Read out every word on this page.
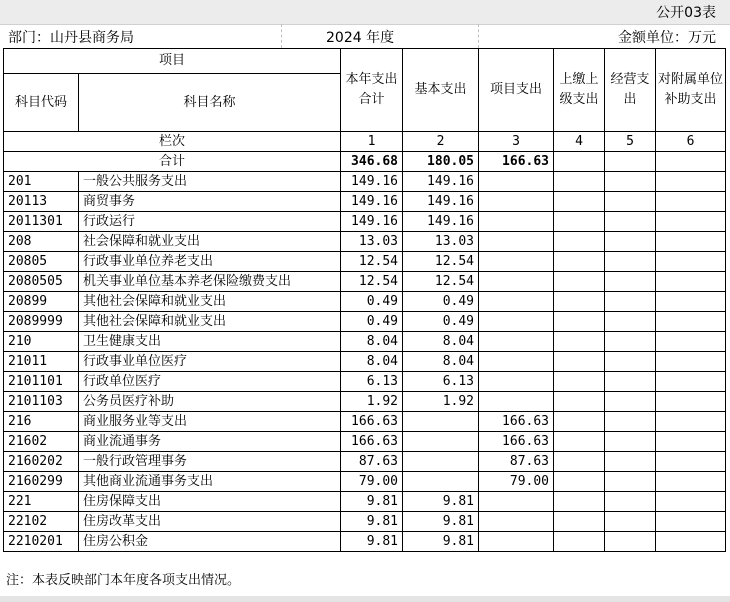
公开03表
部门：山丹县商务局	2024 年度	金额单位：万元
项目		本年支出合计	基本支出	项目支出	上缴上级支出	经营支出	对附属单位补助支出
科目代码	科目名称						
栏次		1	2	3	4	5	6
合计		346.68	180.05	166.63			
201	一般公共服务支出	149.16	149.16				
20113	商贸事务	149.16	149.16				
2011301	行政运行	149.16	149.16				
208	社会保障和就业支出	13.03	13.03				
20805	行政事业单位养老支出	12.54	12.54				
2080505	机关事业单位基本养老保险缴费支出	12.54	12.54				
20899	其他社会保障和就业支出	0.49	0.49				
2089999	其他社会保障和就业支出	0.49	0.49				
210	卫生健康支出	8.04	8.04				
21011	行政事业单位医疗	8.04	8.04				
2101101	行政单位医疗	6.13	6.13				
2101103	公务员医疗补助	1.92	1.92				
216	商业服务业等支出	166.63		166.63			
21602	商业流通事务	166.63		166.63			
2160202	一般行政管理事务	87.63		87.63			
2160299	其他商业流通事务支出	79.00		79.00			
221	住房保障支出	9.81	9.81				
22102	住房改革支出	9.81	9.81				
2210201	住房公积金	9.81	9.81				
注：本表反映部门本年度各项支出情况。
